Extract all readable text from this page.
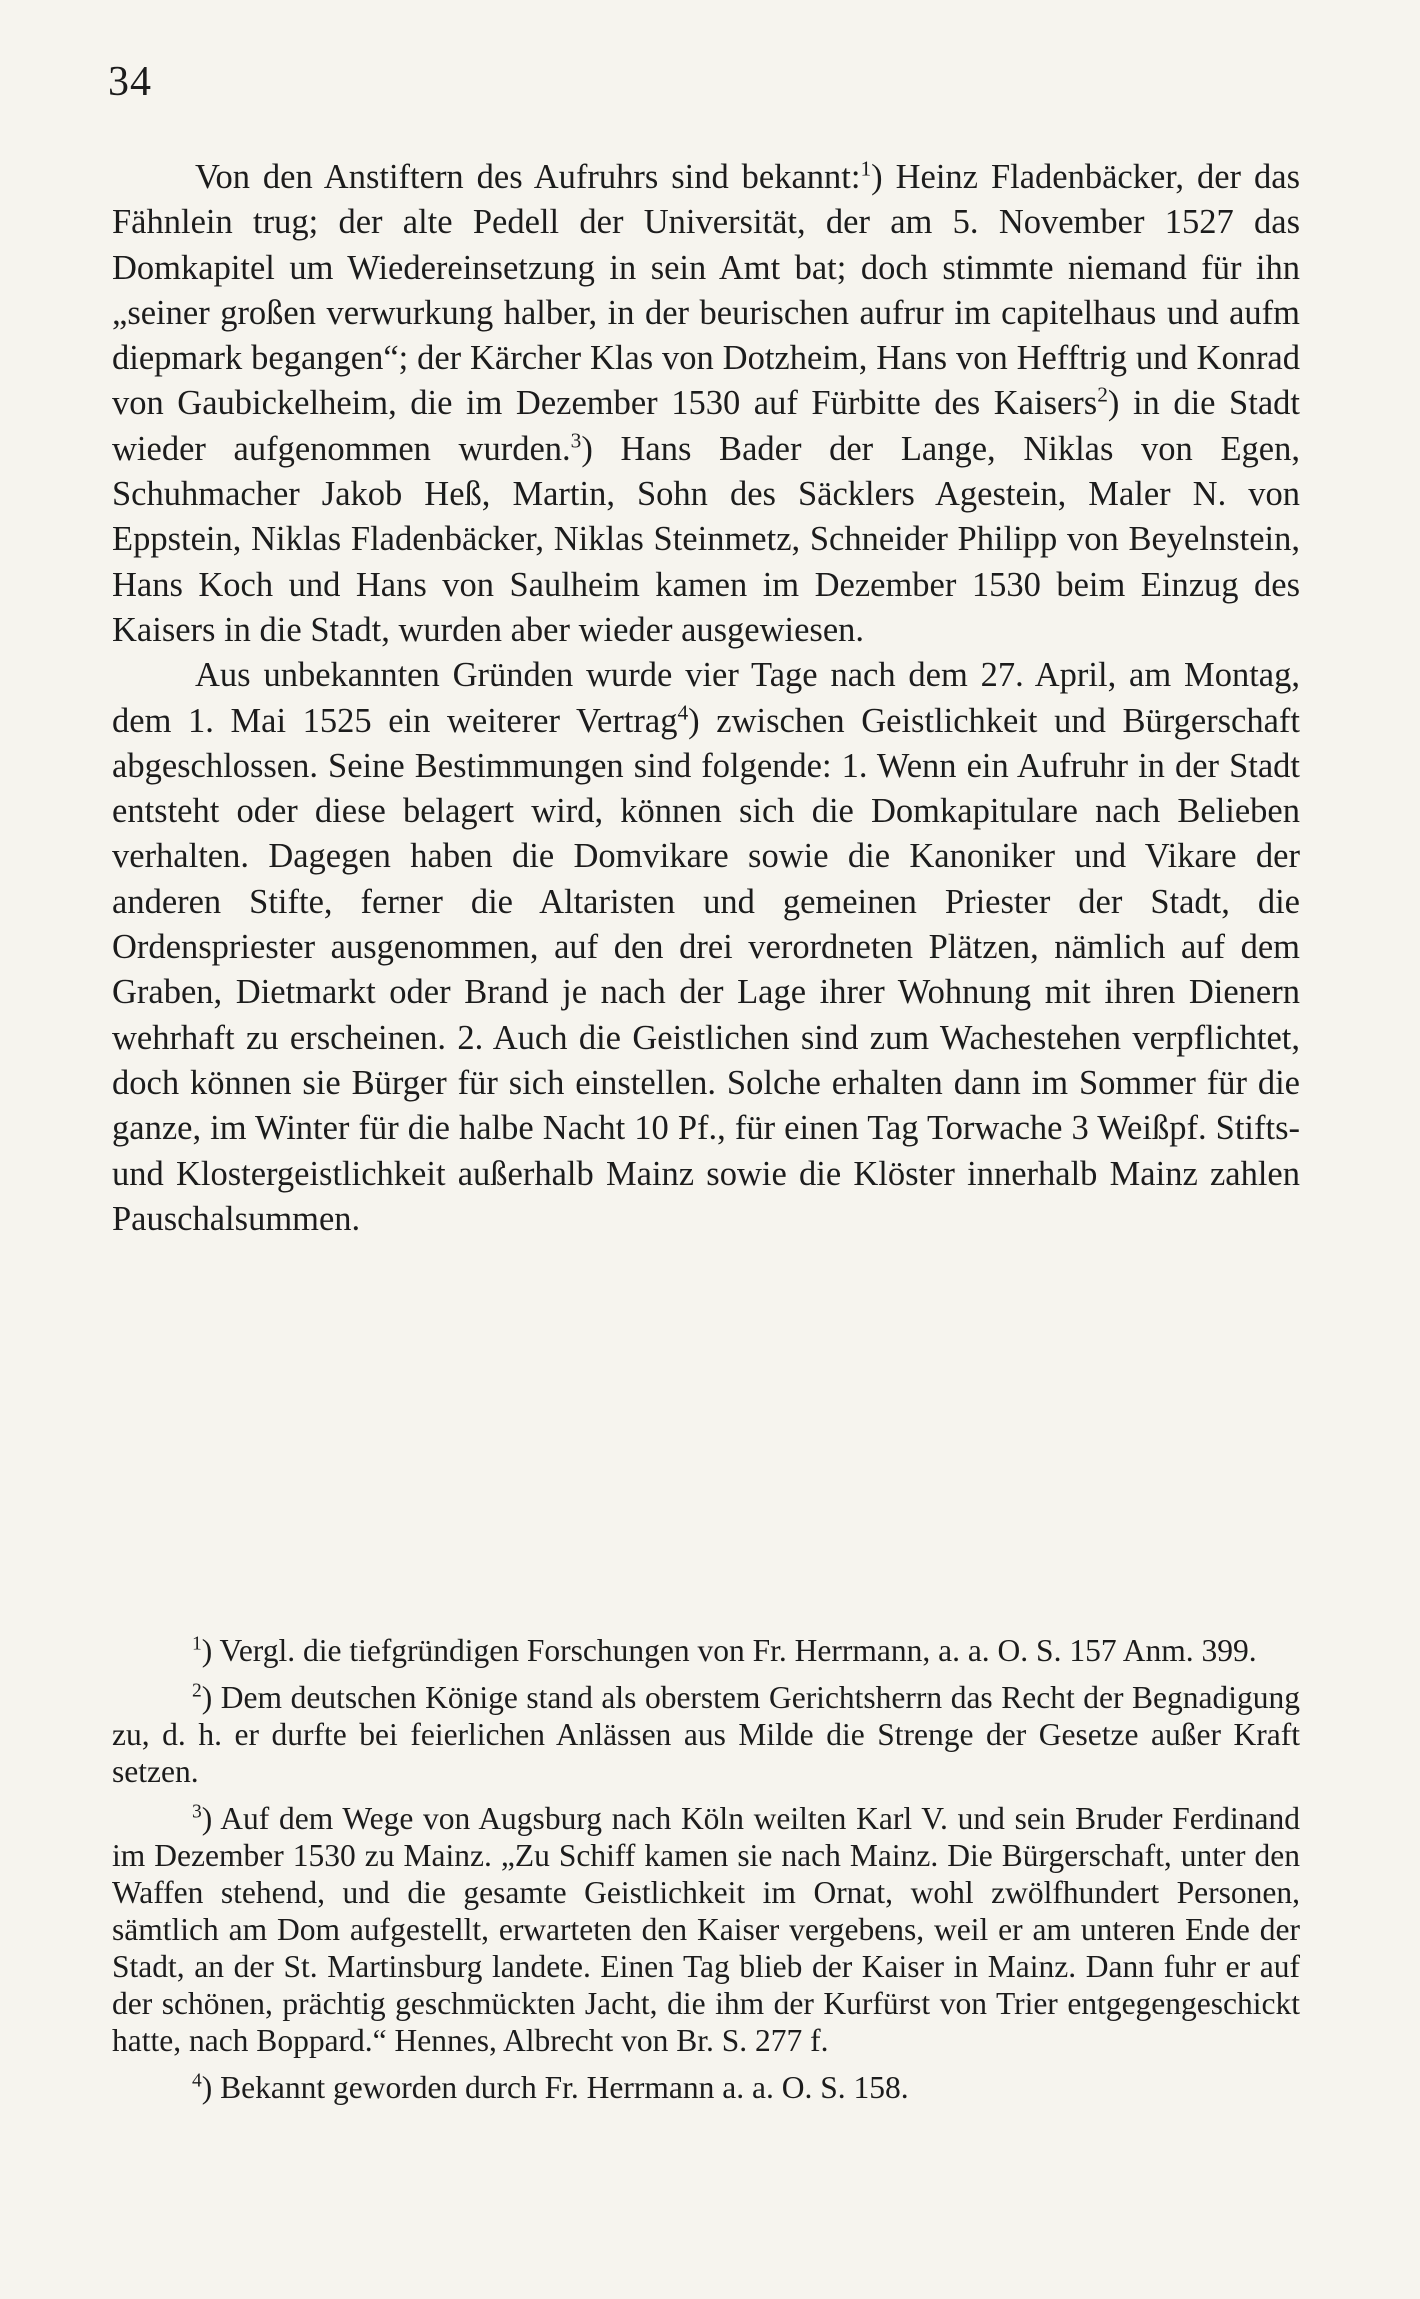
34

Von den Anstiftern des Aufruhrs sind bekannt:$^1$) Heinz Fladenbäcker, der das Fähnlein trug; der alte Pedell der Universität, der am 5. November 1527 das Domkapitel um Wiedereinsetzung in sein Amt bat; doch stimmte niemand für ihn „seiner großen verwurkung halber, in der beurischen aufrur im capitelhaus und aufm diepmark begangen“; der Kärcher Klas von Dotzheim, Hans von Hefftrig und Konrad von Gaubickelheim, die im Dezember 1530 auf Fürbitte des Kaisers$^2$) in die Stadt wieder aufgenommen wurden.$^3$) Hans Bader der Lange, Niklas von Egen, Schuhmacher Jakob Heß, Martin, Sohn des Säcklers Agestein, Maler N. von Eppstein, Niklas Fladenbäcker, Niklas Steinmetz, Schneider Philipp von Beyelnstein, Hans Koch und Hans von Saulheim kamen im Dezember 1530 beim Einzug des Kaisers in die Stadt, wurden aber wieder ausgewiesen.

Aus unbekannten Gründen wurde vier Tage nach dem 27. April, am Montag, dem 1. Mai 1525 ein weiterer Vertrag$^4$) zwischen Geistlichkeit und Bürgerschaft abgeschlossen. Seine Bestimmungen sind folgende: 1. Wenn ein Aufruhr in der Stadt entsteht oder diese belagert wird, können sich die Domkapitulare nach Belieben verhalten. Dagegen haben die Domvikare sowie die Kanoniker und Vikare der anderen Stifte, ferner die Altaristen und gemeinen Priester der Stadt, die Ordenspriester ausgenommen, auf den drei verordneten Plätzen, nämlich auf dem Graben, Dietmarkt oder Brand je nach der Lage ihrer Wohnung mit ihren Dienern wehrhaft zu erscheinen. 2. Auch die Geistlichen sind zum Wachestehen verpflichtet, doch können sie Bürger für sich einstellen. Solche erhalten dann im Sommer für die ganze, im Winter für die halbe Nacht 10 Pf., für einen Tag Torwache 3 Weißpf. Stifts- und Klostergeistlichkeit außerhalb Mainz sowie die Klöster innerhalb Mainz zahlen Pauschalsummen.

$^1$) Vergl. die tiefgründigen Forschungen von Fr. Herrmann, a. a. O. S. 157 Anm. 399.

$^2$) Dem deutschen Könige stand als oberstem Gerichtsherrn das Recht der Begnadigung zu, d. h. er durfte bei feierlichen Anlässen aus Milde die Strenge der Gesetze außer Kraft setzen.

$^3$) Auf dem Wege von Augsburg nach Köln weilten Karl V. und sein Bruder Ferdinand im Dezember 1530 zu Mainz. „Zu Schiff kamen sie nach Mainz. Die Bürgerschaft, unter den Waffen stehend, und die gesamte Geistlichkeit im Ornat, wohl zwölfhundert Personen, sämtlich am Dom aufgestellt, erwarteten den Kaiser vergebens, weil er am unteren Ende der Stadt, an der St. Martinsburg landete. Einen Tag blieb der Kaiser in Mainz. Dann fuhr er auf der schönen, prächtig geschmückten Jacht, die ihm der Kurfürst von Trier entgegengeschickt hatte, nach Boppard.“ Hennes, Albrecht von Br. S. 277 f.

$^4$) Bekannt geworden durch Fr. Herrmann a. a. O. S. 158.
